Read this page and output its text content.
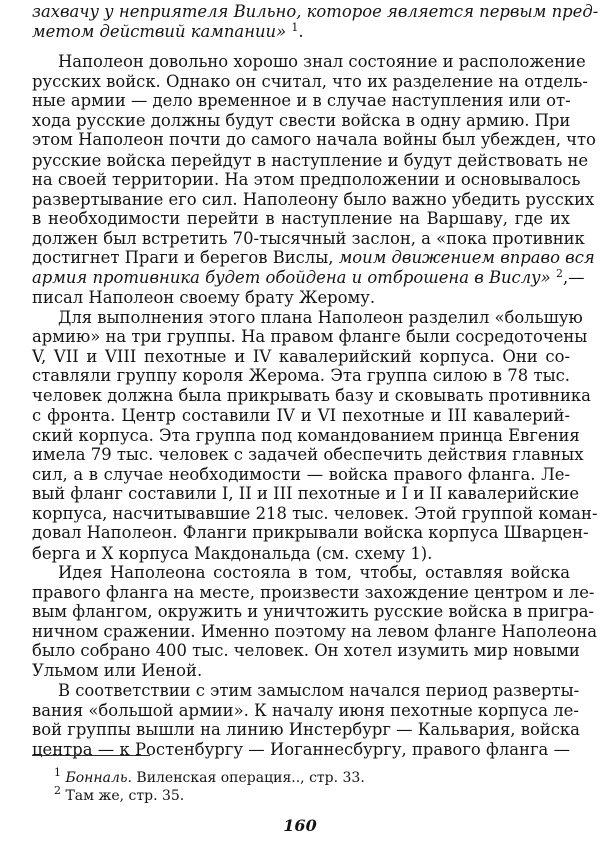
захвачу у неприятеля Вильно, которое является первым пред-
метом действий кампании» $^1$.
Наполеон довольно хорошо знал состояние и расположение
русских войск. Однако он считал, что их разделение на отдель-
ные армии — дело временное и в случае наступления или от-
хода русские должны будут свести войска в одну армию. При
этом Наполеон почти до самого начала войны был убежден, что
русские войска перейдут в наступление и будут действовать не
на своей территории. На этом предположении и основывалось
развертывание его сил. Наполеону было важно убедить русских
в необходимости перейти в наступление на Варшаву, где их
должен был встретить 70-тысячный заслон, а «пока противник
достигнет Праги и берегов Вислы, моим движением вправо вся
армия противника будет обойдена и отброшена в Вислу» $^2$,—
писал Наполеон своему брату Жерому.
Для выполнения этого плана Наполеон разделил «большую
армию» на три группы. На правом фланге были сосредоточены
V, VII и VIII пехотные и IV кавалерийский корпуса. Они со-
ставляли группу короля Жерома. Эта группа силою в 78 тыс.
человек должна была прикрывать базу и сковывать противника
с фронта. Центр составили IV и VI пехотные и III кавалерий-
ский корпуса. Эта группа под командованием принца Евгения
имела 79 тыс. человек с задачей обеспечить действия главных
сил, а в случае необходимости — войска правого фланга. Ле-
вый фланг составили I, II и III пехотные и I и II кавалерийские
корпуса, насчитывавшие 218 тыс. человек. Этой группой коман-
довал Наполеон. Фланги прикрывали войска корпуса Шварцен-
берга и X корпуса Макдональда (см. схему 1).
Идея Наполеона состояла в том, чтобы, оставляя войска
правого фланга на месте, произвести захождение центром и ле-
вым флангом, окружить и уничтожить русские войска в пригра-
ничном сражении. Именно поэтому на левом фланге Наполеона
было собрано 400 тыс. человек. Он хотел изумить мир новыми
Ульмом или Иеной.
В соответствии с этим замыслом начался период разверты-
вания «большой армии». К началу июня пехотные корпуса ле-
вой группы вышли на линию Инстербург — Кальвария, войска
центра — к Ростенбургу — Иоганнесбургу, правого фланга —
$^1$ Бонналь. Виленская операция.., стр. 33.
$^2$ Там же, стр. 35.
160
